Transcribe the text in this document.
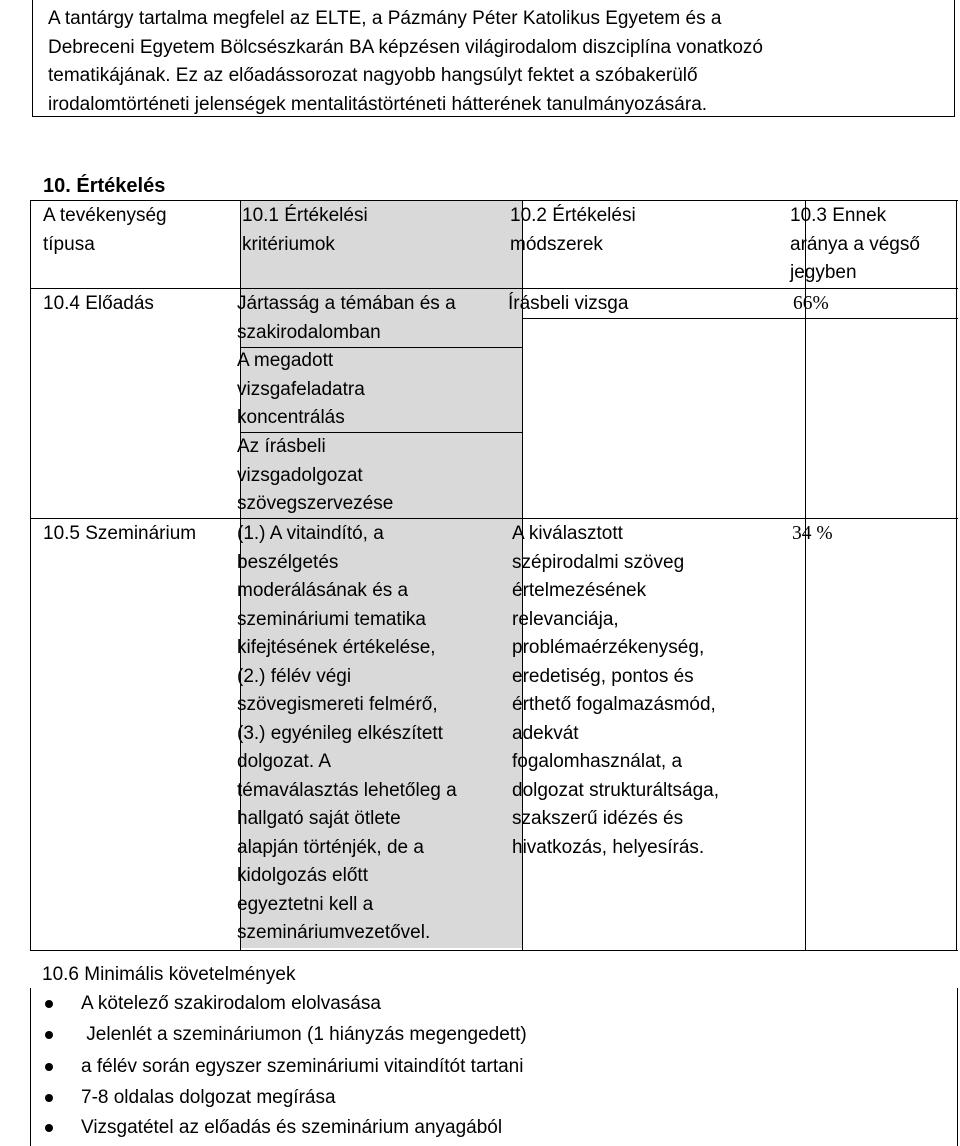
A tantárgy tartalma megfelel az ELTE, a Pázmány Péter Katolikus Egyetem és a
Debreceni Egyetem Bölcsészkarán BA képzésen világirodalom diszciplína vonatkozó
tematikájának. Ez az előadássorozat nagyobb hangsúlyt fektet a szóbakerülő
irodalomtörténeti jelenségek mentalitástörténeti hátterének tanulmányozására.
10. Értékelés
A tevékenység
típusa
10.1 Értékelési
kritériumok
10.2 Értékelési
módszerek
10.3 Ennek
aránya a végső
jegyben
10.4 Előadás	Jártasság a témában és a
szakirodalomban
A megadott
vizsgafeladatra
koncentrálás
Az írásbeli
vizsgadolgozat
szövegszervezése
Írásbeli vizsga	66%
10.5 Szeminárium (1.) A vitaindító, a
beszélgetés
moderálásának és a
szemináriumi tematika
kifejtésének értékelése,
(2.) félév végi
szövegismereti felmérő,
(3.) egyénileg elkészített
dolgozat. A
témaválasztás lehetőleg a
hallgató saját ötlete
alapján történjék, de a
kidolgozás előtt
egyeztetni kell a
szemináriumvezetővel.
A kiválasztott
szépirodalmi szöveg
értelmezésének
relevanciája,
problémaérzékenység,
eredetiség, pontos és
érthető fogalmazásmód,
adekvát
fogalomhasználat, a
dolgozat strukturáltsága,
szakszerű idézés és
hivatkozás, helyesírás.
34 %
10.6 Minimális követelmények
A kötelező szakirodalom elolvasása
Jelenlét a szemináriumon (1 hiányzás megengedett)
a félév során egyszer szemináriumi vitaindítót tartani
7-8 oldalas dolgozat megírása
Vizsgatétel az előadás és szeminárium anyagából
